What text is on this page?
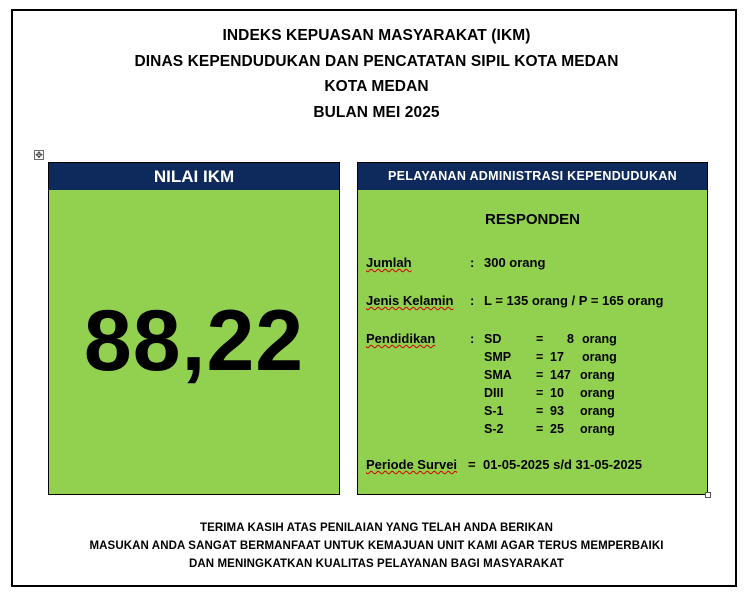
INDEKS KEPUASAN MASYARAKAT (IKM)
DINAS KEPENDUDUKAN DAN PENCATATAN SIPIL KOTA MEDAN
KOTA MEDAN
BULAN MEI 2025
✥
NILAI IKM
88,22
PELAYANAN ADMINISTRASI KEPENDUDUKAN
RESPONDEN
Jumlah	: 300 orang
Jenis Kelamin : L = 135 orang / P = 165 orang
Pendidikan	: SD	=	8 orang
SMP = 17 orang
SMA = 147 orang
DIII	= 10 orang
S-1	= 93 orang
S-2	= 25 orang
Periode Survei = 01-05-2025 s/d 31-05-2025
TERIMA KASIH ATAS PENILAIAN YANG TELAH ANDA BERIKAN
MASUKAN ANDA SANGAT BERMANFAAT UNTUK KEMAJUAN UNIT KAMI AGAR TERUS MEMPERBAIKI
DAN MENINGKATKAN KUALITAS PELAYANAN BAGI MASYARAKAT
